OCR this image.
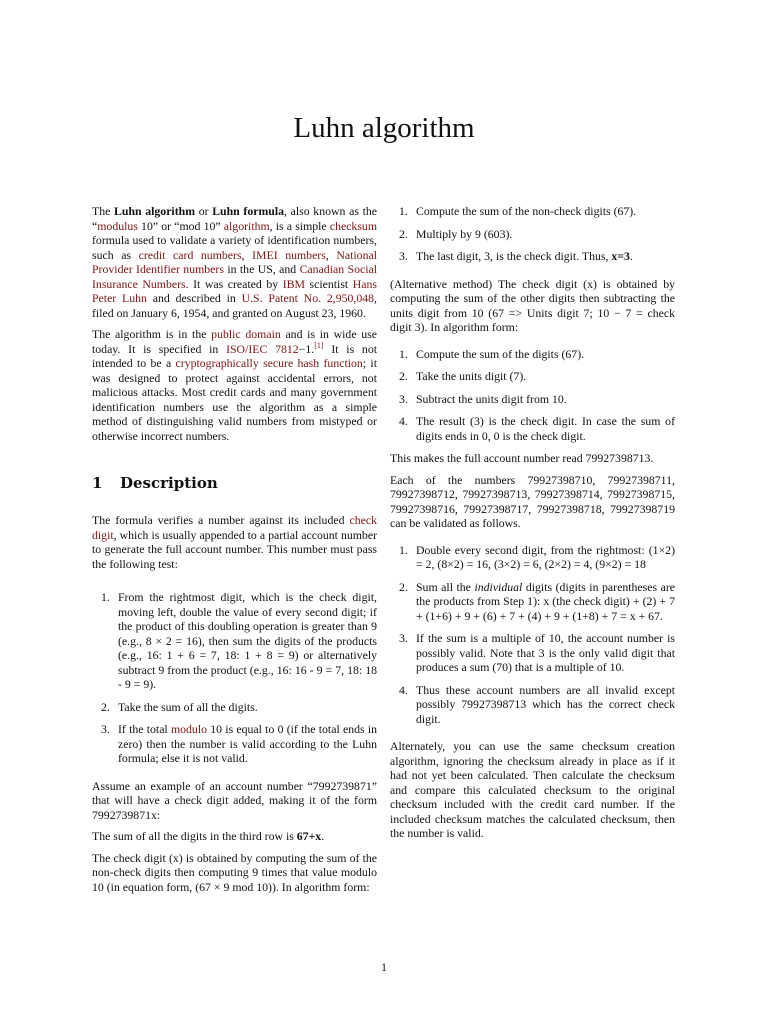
Luhn algorithm

The Luhn algorithm or Luhn formula, also known as the “modulus 10” or “mod 10” algorithm, is a simple checksum formula used to validate a variety of identification numbers, such as credit card numbers, IMEI numbers, National Provider Identifier numbers in the US, and Canadian Social Insurance Numbers. It was created by IBM scientist Hans Peter Luhn and described in U.S. Patent No. 2,950,048, filed on January 6, 1954, and granted on August 23, 1960.

The algorithm is in the public domain and is in wide use today. It is specified in ISO/IEC 7812−1.[1] It is not intended to be a cryptographically secure hash function; it was designed to protect against accidental errors, not malicious attacks. Most credit cards and many government identification numbers use the algorithm as a simple method of distinguishing valid numbers from mistyped or otherwise incorrect numbers.

1 Description

The formula verifies a number against its included check digit, which is usually appended to a partial account number to generate the full account number. This number must pass the following test:

1. From the rightmost digit, which is the check digit, moving left, double the value of every second digit; if the product of this doubling operation is greater than 9 (e.g., 8 × 2 = 16), then sum the digits of the products (e.g., 16: 1 + 6 = 7, 18: 1 + 8 = 9) or alternatively subtract 9 from the product (e.g., 16: 16 - 9 = 7, 18: 18 - 9 = 9).
2. Take the sum of all the digits.
3. If the total modulo 10 is equal to 0 (if the total ends in zero) then the number is valid according to the Luhn formula; else it is not valid.

Assume an example of an account number “7992739871” that will have a check digit added, making it of the form 7992739871x:

The sum of all the digits in the third row is 67+x.

The check digit (x) is obtained by computing the sum of the non-check digits then computing 9 times that value modulo 10 (in equation form, (67 × 9 mod 10)). In algorithm form:

1. Compute the sum of the non-check digits (67).
2. Multiply by 9 (603).
3. The last digit, 3, is the check digit. Thus, x=3.

(Alternative method) The check digit (x) is obtained by computing the sum of the other digits then subtracting the units digit from 10 (67 => Units digit 7; 10 − 7 = check digit 3). In algorithm form:

1. Compute the sum of the digits (67).
2. Take the units digit (7).
3. Subtract the units digit from 10.
4. The result (3) is the check digit. In case the sum of digits ends in 0, 0 is the check digit.

This makes the full account number read 79927398713.

Each of the numbers 79927398710, 79927398711, 79927398712, 79927398713, 79927398714, 79927398715, 79927398716, 79927398717, 79927398718, 79927398719 can be validated as follows.

1. Double every second digit, from the rightmost: (1×2) = 2, (8×2) = 16, (3×2) = 6, (2×2) = 4, (9×2) = 18
2. Sum all the individual digits (digits in parentheses are the products from Step 1): x (the check digit) + (2) + 7 + (1+6) + 9 + (6) + 7 + (4) + 9 + (1+8) + 7 = x + 67.
3. If the sum is a multiple of 10, the account number is possibly valid. Note that 3 is the only valid digit that produces a sum (70) that is a multiple of 10.
4. Thus these account numbers are all invalid except possibly 79927398713 which has the correct check digit.

Alternately, you can use the same checksum creation algorithm, ignoring the checksum already in place as if it had not yet been calculated. Then calculate the checksum and compare this calculated checksum to the original checksum included with the credit card number. If the included checksum matches the calculated checksum, then the number is valid.

1
